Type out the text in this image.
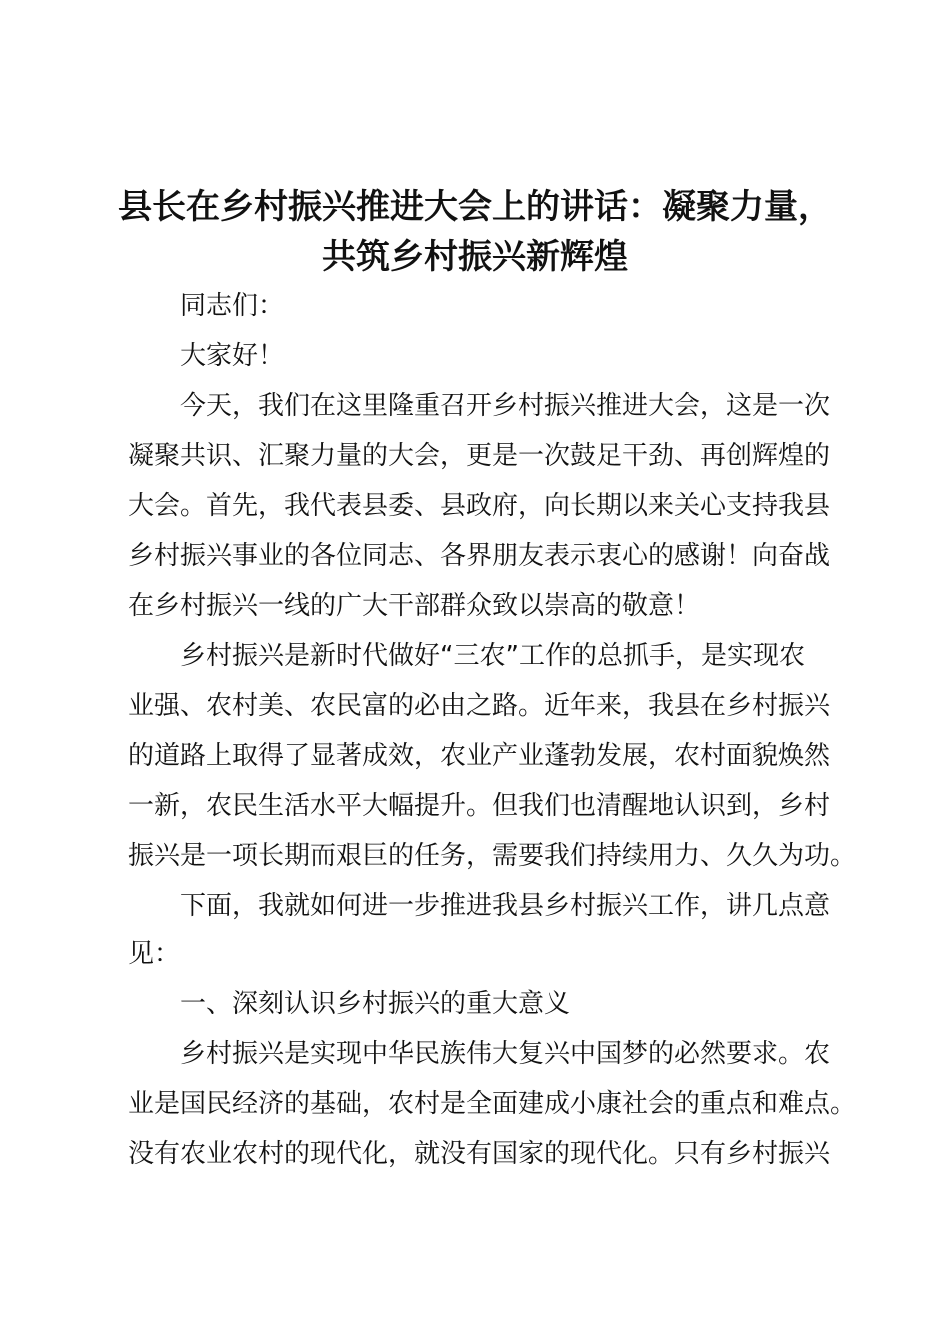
县长在乡村振兴推进大会上的讲话：凝聚力量，
共筑乡村振兴新辉煌
同志们：
大家好！
今天，我们在这里隆重召开乡村振兴推进大会，这是一次
凝聚共识、汇聚力量的大会，更是一次鼓足干劲、再创辉煌的
大会。首先，我代表县委、县政府，向长期以来关心支持我县
乡村振兴事业的各位同志、各界朋友表示衷心的感谢！向奋战
在乡村振兴一线的广大干部群众致以崇高的敬意！
乡村振兴是新时代做好“三农”工作的总抓手，是实现农
业强、农村美、农民富的必由之路。近年来，我县在乡村振兴
的道路上取得了显著成效，农业产业蓬勃发展，农村面貌焕然
一新，农民生活水平大幅提升。但我们也清醒地认识到，乡村
振兴是一项长期而艰巨的任务，需要我们持续用力、久久为功。
下面，我就如何进一步推进我县乡村振兴工作，讲几点意
见：
一、深刻认识乡村振兴的重大意义
乡村振兴是实现中华民族伟大复兴中国梦的必然要求。农
业是国民经济的基础，农村是全面建成小康社会的重点和难点。
没有农业农村的现代化，就没有国家的现代化。只有乡村振兴
